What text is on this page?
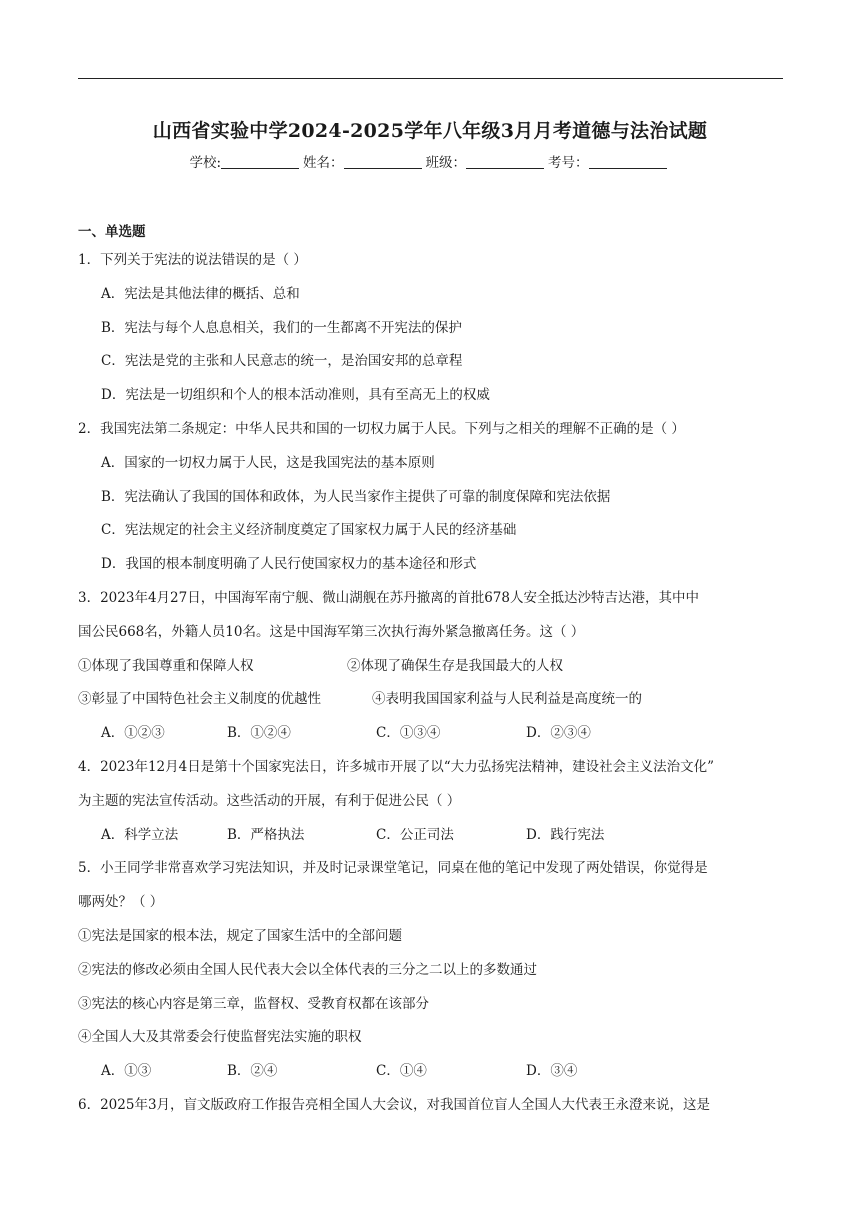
山西省实验中学2024-2025学年八年级3月月考道德与法治试题
学校:	姓名：	班级：	考号：
一、单选题
1．下列关于宪法的说法错误的是（ ）
A．宪法是其他法律的概括、总和
B．宪法与每个人息息相关，我们的一生都离不开宪法的保护
C．宪法是党的主张和人民意志的统一，是治国安邦的总章程
D．宪法是一切组织和个人的根本活动准则，具有至高无上的权威
2．我国宪法第二条规定：中华人民共和国的一切权力属于人民。下列与之相关的理解不正确的是（ ）
A．国家的一切权力属于人民，这是我国宪法的基本原则
B．宪法确认了我国的国体和政体，为人民当家作主提供了可靠的制度保障和宪法依据
C．宪法规定的社会主义经济制度奠定了国家权力属于人民的经济基础
D．我国的根本制度明确了人民行使国家权力的基本途径和形式
3．2023年4月27日，中国海军南宁舰、微山湖舰在苏丹撤离的首批678人安全抵达沙特吉达港，其中中
国公民668名，外籍人员10名。这是中国海军第三次执行海外紧急撤离任务。这（ ）
①体现了我国尊重和保障人权	②体现了确保生存是我国最大的人权
③彰显了中国特色社会主义制度的优越性	④表明我国国家利益与人民利益是高度统一的
A．①②③	B．①②④	C．①③④	D．②③④
4．2023年12月4日是第十个国家宪法日，许多城市开展了以“大力弘扬宪法精神，建设社会主义法治文化”
为主题的宪法宣传活动。这些活动的开展，有利于促进公民（ ）
A．科学立法	B．严格执法	C．公正司法	D．践行宪法
5．小王同学非常喜欢学习宪法知识，并及时记录课堂笔记，同桌在他的笔记中发现了两处错误，你觉得是
哪两处？（ ）
①宪法是国家的根本法，规定了国家生活中的全部问题
②宪法的修改必须由全国人民代表大会以全体代表的三分之二以上的多数通过
③宪法的核心内容是第三章，监督权、受教育权都在该部分
④全国人大及其常委会行使监督宪法实施的职权
A．①③	B．②④	C．①④	D．③④
6．2025年3月，盲文版政府工作报告亮相全国人大会议，对我国首位盲人全国人大代表王永澄来说，这是
